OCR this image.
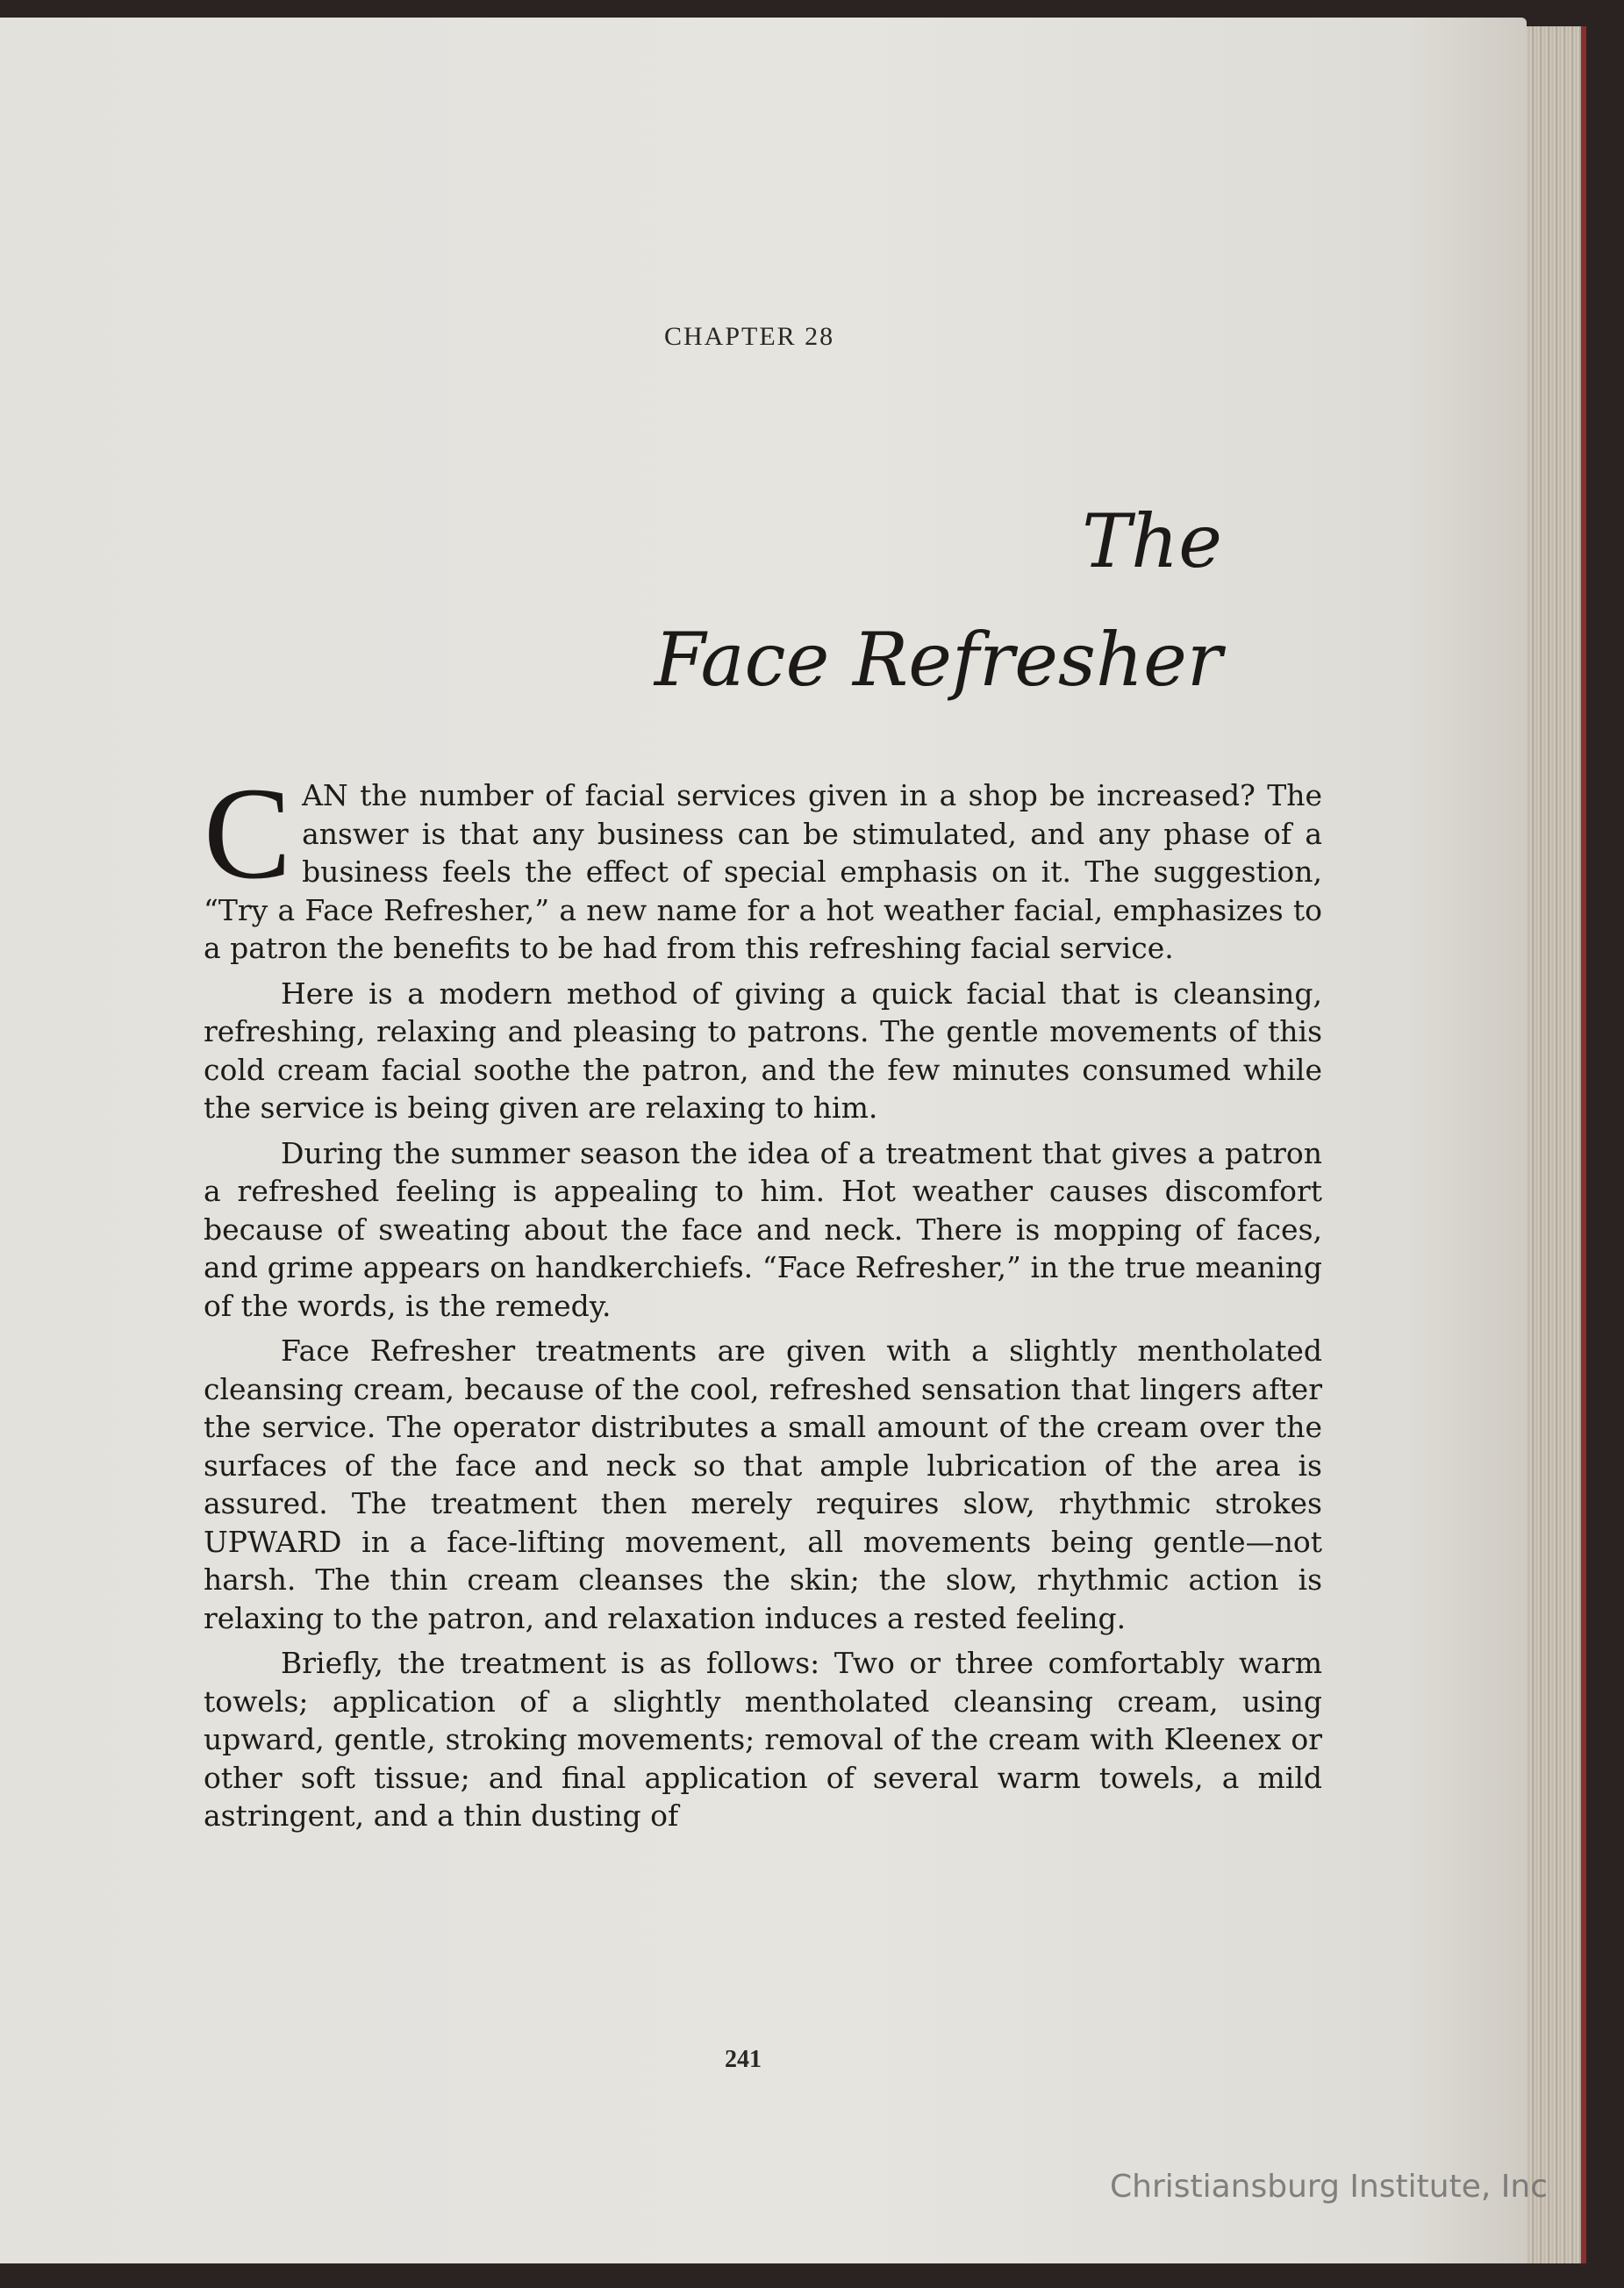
CHAPTER 28
The
Face Refresher

CAN the number of facial services given in a shop be increased? The answer is that any business can be stimulated, and any phase of a business feels the effect of special emphasis on it. The suggestion, “Try a Face Refresher,” a new name for a hot weather facial, emphasizes to a patron the benefits to be had from this refreshing facial service.

Here is a modern method of giving a quick facial that is cleansing, refreshing, relaxing and pleasing to patrons. The gentle movements of this cold cream facial soothe the patron, and the few minutes consumed while the service is being given are relaxing to him.

During the summer season the idea of a treatment that gives a patron a refreshed feeling is appealing to him. Hot weather causes discomfort because of sweating about the face and neck. There is mopping of faces, and grime appears on handkerchiefs. “Face Refresher,” in the true meaning of the words, is the remedy.

Face Refresher treatments are given with a slightly mentholated cleansing cream, because of the cool, refreshed sensation that lingers after the service. The operator distributes a small amount of the cream over the surfaces of the face and neck so that ample lubrication of the area is assured. The treatment then merely requires slow, rhythmic strokes UPWARD in a face-lifting movement, all movements being gentle—not harsh. The thin cream cleanses the skin; the slow, rhythmic action is relaxing to the patron, and relaxation induces a rested feeling.

Briefly, the treatment is as follows: Two or three comfortably warm towels; application of a slightly mentholated cleansing cream, using upward, gentle, stroking movements; removal of the cream with Kleenex or other soft tissue; and final application of several warm towels, a mild astringent, and a thin dusting of

241
Christiansburg Institute, Inc
